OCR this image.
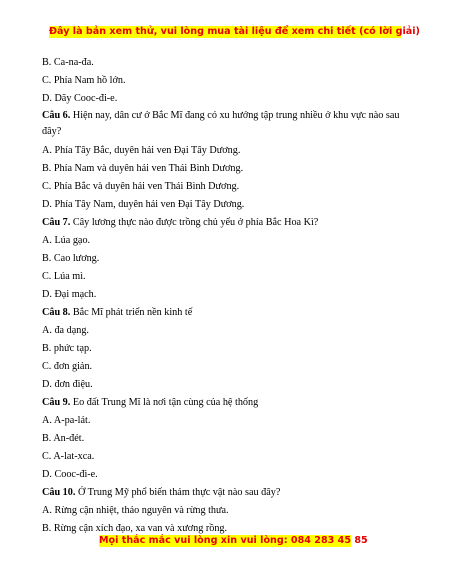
Đây là bản xem thử, vui lòng mua tài liệu để xem chi tiết (có lời giải)
B. Ca-na-đa.
C. Phía Nam hồ lớn.
D. Dãy Cooc-đi-e.
Câu 6. Hiện nay, dân cư ở Bắc Mĩ đang có xu hướng tập trung nhiều ở khu vực nào sau đây?
A. Phía Tây Bắc, duyên hải ven Đại Tây Dương.
B. Phía Nam và duyên hải ven Thái Bình Dương.
C. Phía Bắc và duyên hải ven Thái Bình Dương.
D. Phía Tây Nam, duyên hải ven Đại Tây Dương.
Câu 7. Cây lương thực nào được trồng chủ yếu ở phía Bắc Hoa Kì?
A. Lúa gạo.
B. Cao lương.
C. Lúa mì.
D. Đại mạch.
Câu 8. Bắc Mĩ phát triển nền kinh tế
A. đa dạng.
B. phức tạp.
C. đơn giản.
D. đơn điệu.
Câu 9. Eo đất Trung Mĩ là nơi tận cùng của hệ thống
A. A-pa-lát.
B. An-đét.
C. A-lat-xca.
D. Cooc-đi-e.
Câu 10. Ở Trung Mỹ phổ biến thảm thực vật nào sau đây?
A. Rừng cận nhiệt, thảo nguyên và rừng thưa.
B. Rừng cận xích đạo, xa van và xương rồng.
Mọi thắc mắc vui lòng xin vui lòng: 084 283 45 85
